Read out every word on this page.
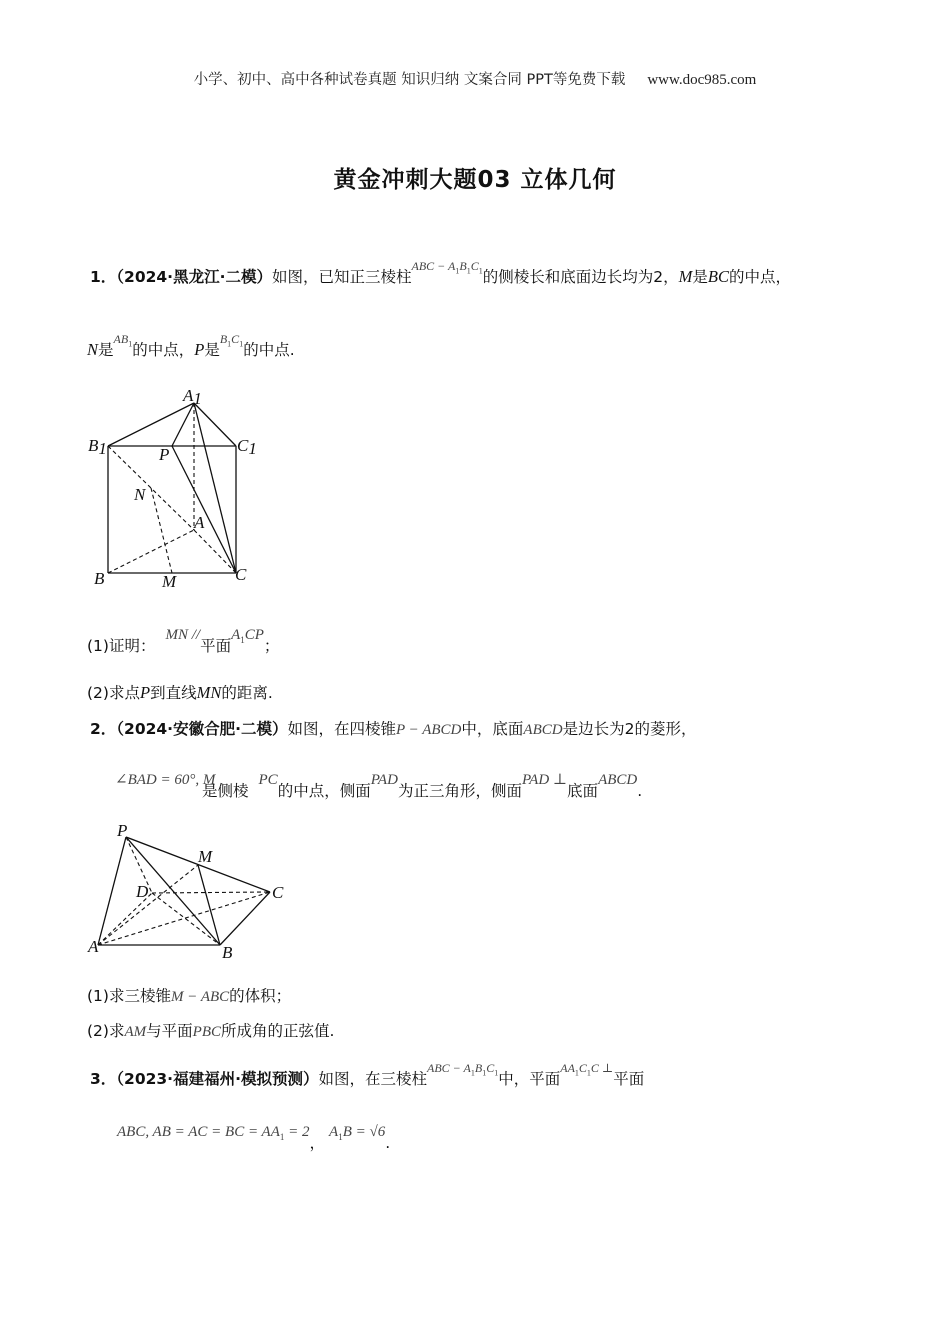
小学、初中、高中各种试卷真题 知识归纳 文案合同 PPT等免费下载 www.doc985.com
黄金冲刺大题03 立体几何
1．（2024·黑龙江·二模）如图，已知正三棱柱$^{ABC - A_1B_1C_1}$的侧棱长和底面边长均为2，M是BC的中点，
N是$^{AB_1}$的中点，P是$^{B_1C_1}$的中点.
A1
B1	C1
P
N
A
B	M	C
(1)证明：MN //平面$A_1CP$；
(2)求点P到直线MN的距离.
2．（2024·安徽合肥·二模）如图，在四棱锥P − ABCD中，底面ABCD是边长为2的菱形，
∠BAD = 60°, M是侧棱PC的中点，侧面PAD为正三角形，侧面PAD ⊥底面ABCD.
P
M
D	C
A	B
(1)求三棱锥M − ABC的体积；
(2)求AM与平面PBC所成角的正弦值.
3．（2023·福建福州·模拟预测）如图，在三棱柱$^{ABC - A_1B_1C_1}$中，平面$^{AA_1C_1C \perp}$平面
ABC, AB = AC = BC = $AA_1 = 2$，$A_1B = √6$.
